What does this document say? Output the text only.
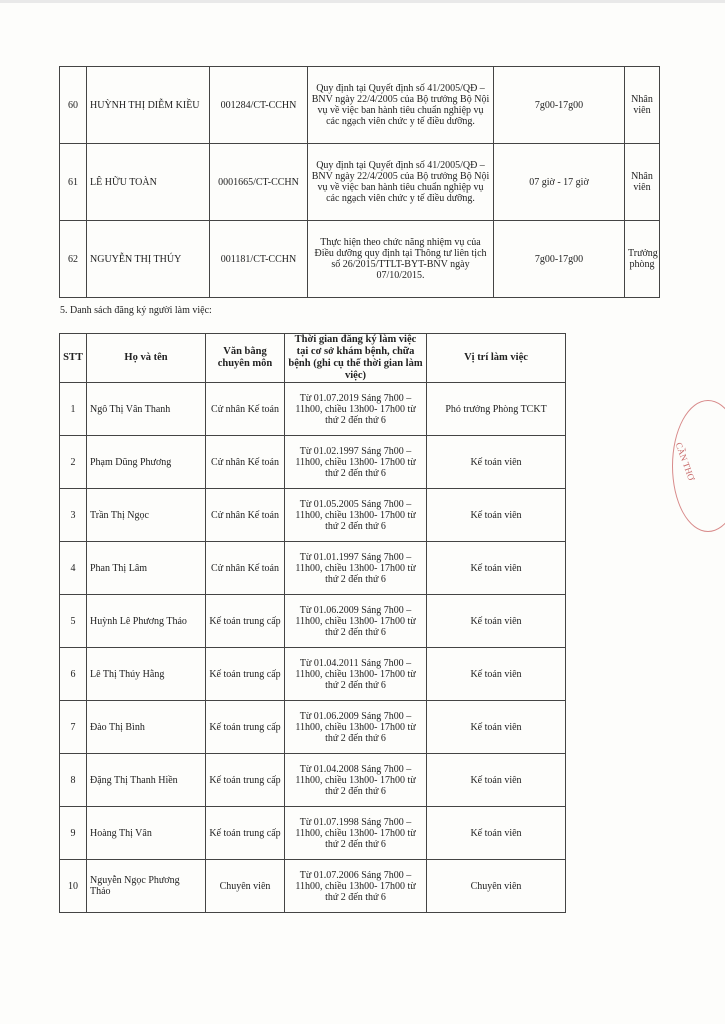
60	HUỲNH THỊ DIỄM KIỀU	001284/CT-CCHN	Quy định tại Quyết định số 41/2005/QĐ – BNV ngày 22/4/2005 của Bộ trưởng Bộ Nội vụ về việc ban hành tiêu chuẩn nghiệp vụ các ngạch viên chức y tế điều dưỡng.	7g00-17g00	Nhân viên
61	LÊ HỮU TOÀN	0001665/CT-CCHN	Quy định tại Quyết định số 41/2005/QĐ – BNV ngày 22/4/2005 của Bộ trưởng Bộ Nội vụ về việc ban hành tiêu chuẩn nghiệp vụ các ngạch viên chức y tế điều dưỡng.	07 giờ - 17 giờ	Nhân viên
62	NGUYỄN THỊ THÚY	001181/CT-CCHN	Thực hiện theo chức năng nhiệm vụ của Điều dưỡng quy định tại Thông tư liên tịch số 26/2015/TTLT-BYT-BNV ngày 07/10/2015.	7g00-17g00	Trưởng phòng
5. Danh sách đăng ký người làm việc:
STT	Họ và tên	Văn bằng chuyên môn	Thời gian đăng ký làm việc tại cơ sở khám bệnh, chữa bệnh (ghi cụ thể thời gian làm việc)	Vị trí làm việc
1	Ngô Thị Vân Thanh	Cử nhân Kế toán	Từ 01.07.2019 Sáng 7h00 – 11h00, chiều 13h00- 17h00 từ thứ 2 đến thứ 6	Phó trưởng Phòng TCKT
2	Phạm Dũng Phương	Cử nhân Kế toán	Từ 01.02.1997 Sáng 7h00 – 11h00, chiều 13h00- 17h00 từ thứ 2 đến thứ 6	Kế toán viên
3	Trần Thị Ngọc	Cử nhân Kế toán	Từ 01.05.2005 Sáng 7h00 – 11h00, chiều 13h00- 17h00 từ thứ 2 đến thứ 6	Kế toán viên
4	Phan Thị Lâm	Cử nhân Kế toán	Từ 01.01.1997 Sáng 7h00 – 11h00, chiều 13h00- 17h00 từ thứ 2 đến thứ 6	Kế toán viên
5	Huỳnh Lê Phương Thảo	Kế toán trung cấp	Từ 01.06.2009 Sáng 7h00 – 11h00, chiều 13h00- 17h00 từ thứ 2 đến thứ 6	Kế toán viên
6	Lê Thị Thúy Hằng	Kế toán trung cấp	Từ 01.04.2011 Sáng 7h00 – 11h00, chiều 13h00- 17h00 từ thứ 2 đến thứ 6	Kế toán viên
7	Đào Thị Bình	Kế toán trung cấp	Từ 01.06.2009 Sáng 7h00 – 11h00, chiều 13h00- 17h00 từ thứ 2 đến thứ 6	Kế toán viên
8	Đặng Thị Thanh Hiền	Kế toán trung cấp	Từ 01.04.2008 Sáng 7h00 – 11h00, chiều 13h00- 17h00 từ thứ 2 đến thứ 6	Kế toán viên
9	Hoàng Thị Vân	Kế toán trung cấp	Từ 01.07.1998 Sáng 7h00 – 11h00, chiều 13h00- 17h00 từ thứ 2 đến thứ 6	Kế toán viên
10	Nguyễn Ngọc Phương Thảo	Chuyên viên	Từ 01.07.2006 Sáng 7h00 – 11h00, chiều 13h00- 17h00 từ thứ 2 đến thứ 6	Chuyên viên
CẦN THƠ
